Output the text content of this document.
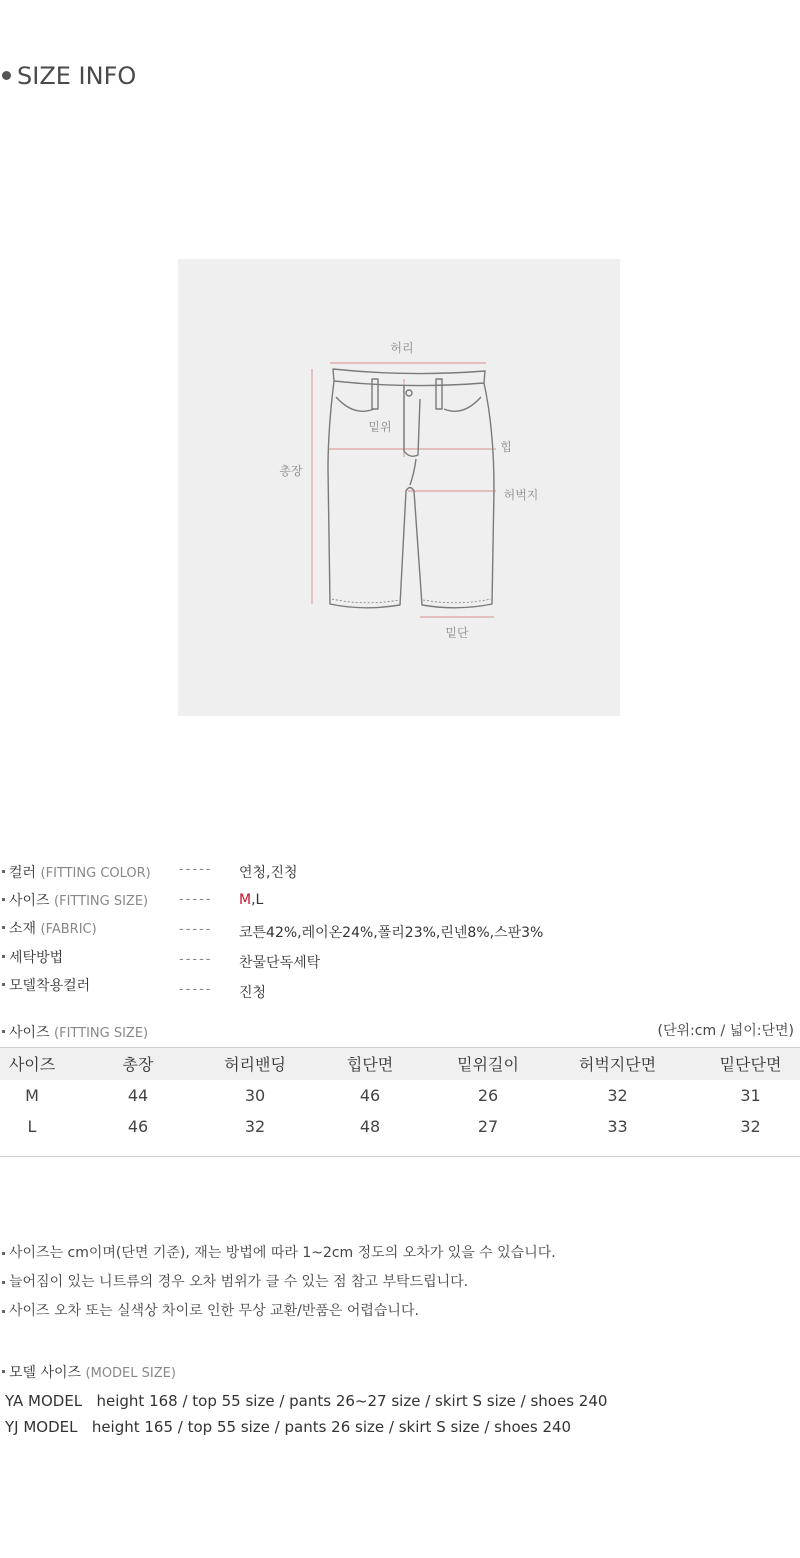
SIZE INFO
허리
총장
밑위
힙
허벅지
밑단
컬러 (FITTING COLOR) ----- 연청,진청
사이즈 (FITTING SIZE) ----- M,L
소재 (FABRIC)	----- 코튼42%,레이온24%,폴리23%,린넨8%,스판3%
세탁방법	----- 찬물단독세탁
모델착용컬러	----- 진청
사이즈 (FITTING SIZE)	(단위:cm / 넓이:단면)
사이즈	총장	허리밴딩	힙단면	밑위길이	허벅지단면	밑단단면
M	44	30	46	26	32	31
L	46	32	48	27	33	32
사이즈는 cm이며(단면 기준), 재는 방법에 따라 1~2cm 정도의 오차가 있을 수 있습니다.
늘어짐이 있는 니트류의 경우 오차 범위가 클 수 있는 점 참고 부탁드립니다.
사이즈 오차 또는 실색상 차이로 인한 무상 교환/반품은 어렵습니다.
모델 사이즈 (MODEL SIZE)
YA MODEL height 168 / top 55 size / pants 26~27 size / skirt S size / shoes 240
YJ MODEL height 165 / top 55 size / pants 26 size / skirt S size / shoes 240
